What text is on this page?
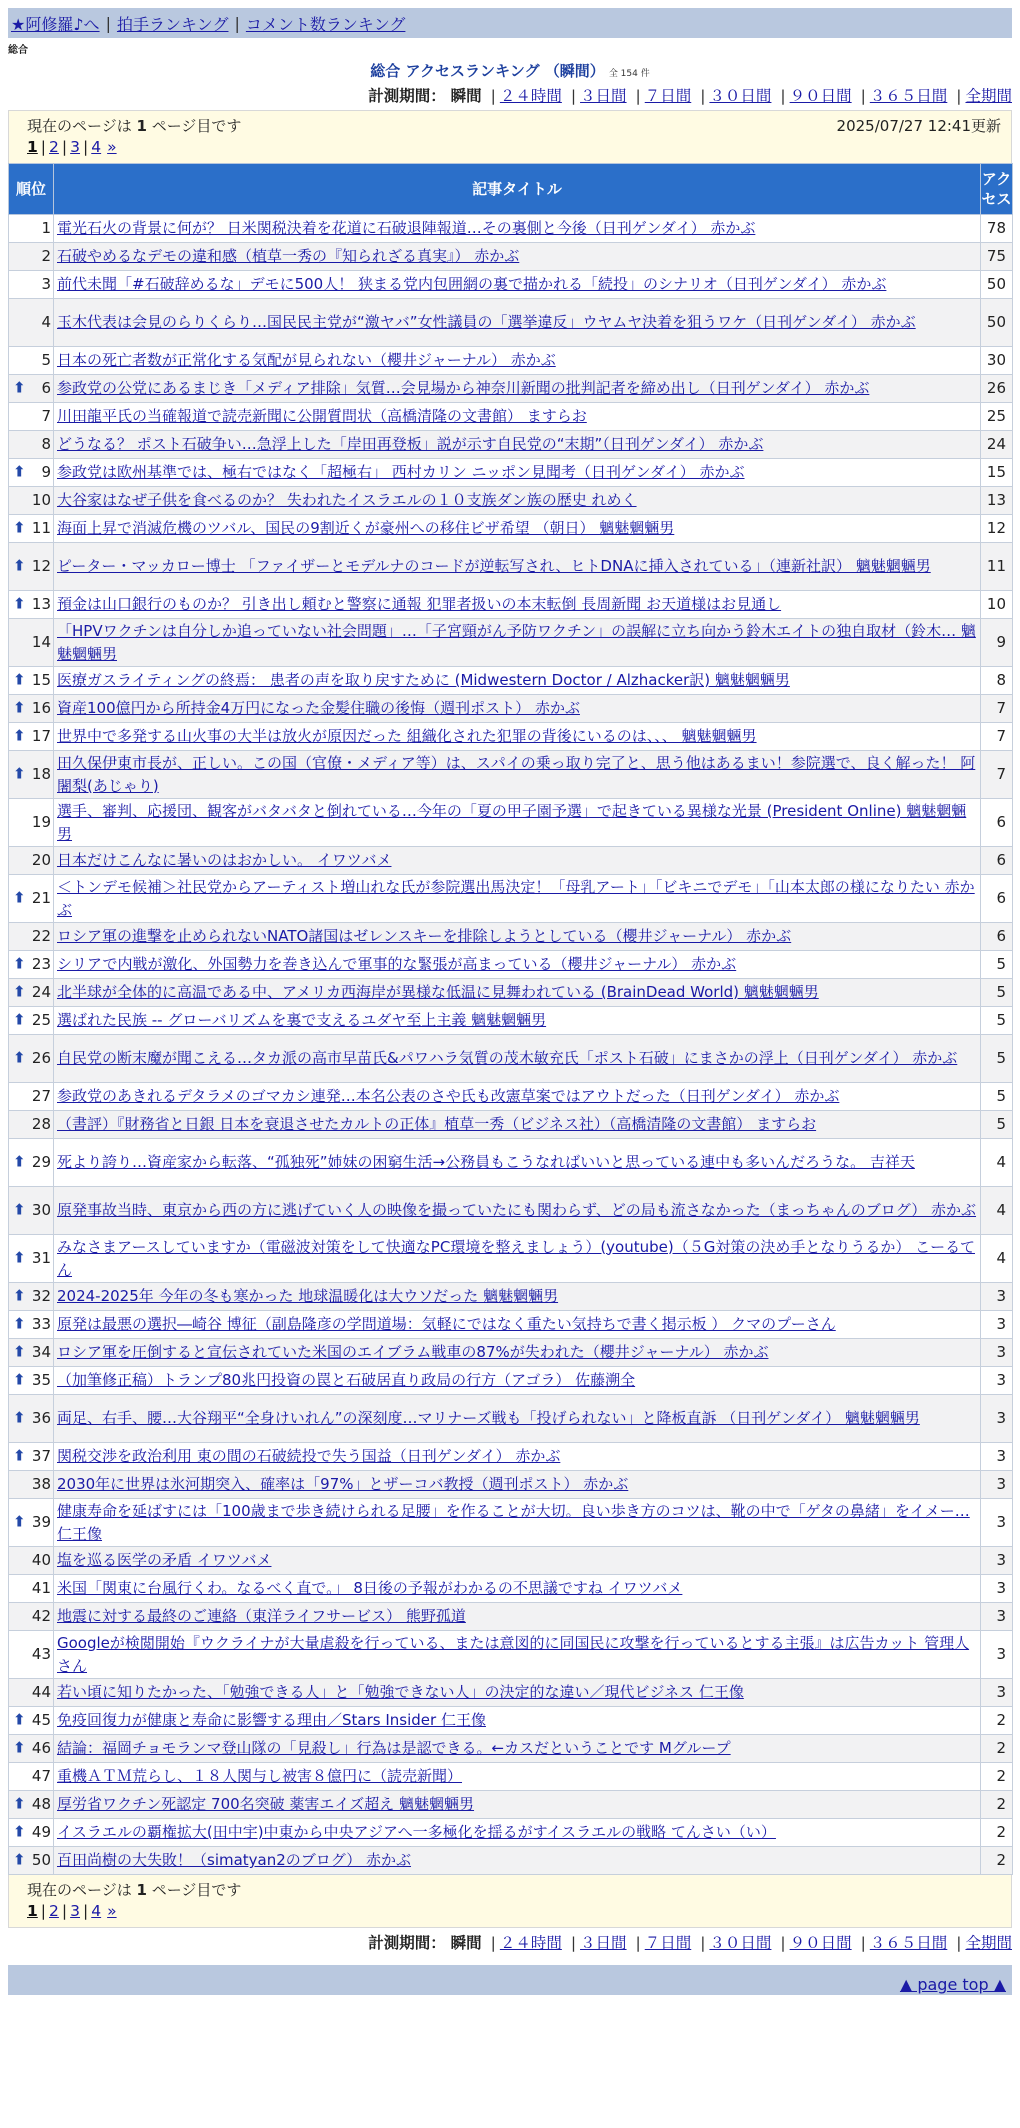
★阿修羅♪へ | 拍手ランキング | コメント数ランキング
総合
総合 アクセスランキング （瞬間） 全 154 件
計測期間： 瞬間 | ２４時間 | ３日間 | ７日間 | ３０日間 | ９０日間 | ３６５日間 | 全期間
現在のページは 1 ページ目です	2025/07/27 12:41更新
1 | 2 | 3 | 4 »
順位	記事タイトル	アクセス
1	電光石火の背景に何が？ 日米関税決着を花道に石破退陣報道…その裏側と今後（日刊ゲンダイ） 赤かぶ	78
2	石破やめるなデモの違和感（植草一秀の『知られざる真実』） 赤かぶ	75
3	前代未聞「#石破辞めるな」デモに500人！ 狭まる党内包囲網の裏で描かれる「続投」のシナリオ（日刊ゲンダイ） 赤かぶ	50
4	玉木代表は会見のらりくらり…国民民主党が“激ヤバ”女性議員の「選挙違反」ウヤムヤ決着を狙うワケ（日刊ゲンダイ） 赤かぶ	50
5	日本の死亡者数が正常化する気配が見られない（櫻井ジャーナル） 赤かぶ	30

⬆ 6	参政党の公党にあるまじき「メディア排除」気質…会見場から神奈川新聞の批判記者を締め出し（日刊ゲンダイ） 赤かぶ	26
7	川田龍平氏の当確報道で読売新聞に公開質問状（高橋清隆の文書館） ますらお	25
8	どうなる？ ポスト石破争い…急浮上した「岸田再登板」説が示す自民党の“末期”（日刊ゲンダイ） 赤かぶ	24

⬆ 9	参政党は欧州基準では、極右ではなく「超極右」 西村カリン ニッポン見聞考（日刊ゲンダイ） 赤かぶ	15
10	大谷家はなぜ子供を食べるのか？ 失われたイスラエルの１０支族ダン族の歴史 れめく	13

⬆ 11	海面上昇で消滅危機のツバル、国民の9割近くが豪州への移住ビザ希望 （朝日） 魑魅魍魎男	12

⬆ 12	ピーター・マッカロー博士 「ファイザーとモデルナのコードが逆転写され、ヒトDNAに挿入されている」（連新社訳） 魑魅魍魎男	11

⬆ 13	預金は山口銀行のものか？ 引き出し頼むと警察に通報 犯罪者扱いの本末転倒 長周新聞 お天道様はお見通し	10
14	「HPVワクチンは自分しか追っていない社会問題」…「子宮頸がん予防ワクチン」の誤解に立ち向かう鈴木エイトの独自取材（鈴木… 魑魅魍魎男	9

⬆ 15	医療ガスライティングの終焉： 患者の声を取り戻すために (Midwestern Doctor / Alzhacker訳) 魑魅魍魎男	8

⬆ 16	資産100億円から所持金4万円になった金髪住職の後悔（週刊ポスト） 赤かぶ	7

⬆ 17	世界中で多発する山火事の大半は放火が原因だった 組織化された犯罪の背後にいるのは、、、 魑魅魍魎男	7

⬆ 18	田久保伊東市長が、正しい。この国（官僚・メディア等）は、スパイの乗っ取り完了と、思う他はあるまい！参院選で、良く解った！ 阿闍梨(あじゃり)	7
19	選手、審判、応援団、観客がバタバタと倒れている…今年の「夏の甲子園予選」で起きている異様な光景 (President Online) 魑魅魍魎男	6
20	日本だけこんなに暑いのはおかしい。 イワツバメ	6

⬆ 21	＜トンデモ候補＞社民党からアーティスト増山れな氏が参院選出馬決定！「母乳アート」「ビキニでデモ」「山本太郎の様になりたい 赤かぶ	6
22	ロシア軍の進撃を止められないNATO諸国はゼレンスキーを排除しようとしている（櫻井ジャーナル） 赤かぶ	6

⬆ 23	シリアで内戦が激化、外国勢力を巻き込んで軍事的な緊張が高まっている（櫻井ジャーナル） 赤かぶ	5

⬆ 24	北半球が全体的に高温である中、アメリカ西海岸が異様な低温に見舞われている (BrainDead World) 魑魅魍魎男	5

⬆ 25	選ばれた民族 -- グローバリズムを裏で支えるユダヤ至上主義 魑魅魍魎男	5

⬆ 26	自民党の断末魔が聞こえる…タカ派の高市早苗氏&パワハラ気質の茂木敏充氏「ポスト石破」にまさかの浮上（日刊ゲンダイ） 赤かぶ	5
27	参政党のあきれるデタラメのゴマカシ連発…本名公表のさや氏も改憲草案ではアウトだった（日刊ゲンダイ） 赤かぶ	5
28	（書評）『財務省と日銀 日本を衰退させたカルトの正体』植草一秀（ビジネス社）（高橋清隆の文書館） ますらお	5

⬆ 29	死より誇り…資産家から転落、“孤独死”姉妹の困窮生活→公務員もこうなればいいと思っている連中も多いんだろうな。 吉祥天	4

⬆ 30	原発事故当時、東京から西の方に逃げていく人の映像を撮っていたにも関わらず、どの局も流さなかった（まっちゃんのブログ） 赤かぶ	4

⬆ 31	みなさまアースしていますか（電磁波対策をして快適なPC環境を整えましょう）(youtube)（５G対策の決め手となりうるか） こーるてん	4

⬆ 32	2024-2025年 今年の冬も寒かった 地球温暖化は大ウソだった 魑魅魍魎男	3

⬆ 33	原発は最悪の選択―崎谷 博征（副島隆彦の学問道場：気軽にではなく重たい気持ちで書く掲示板 ） クマのプーさん	3

⬆ 34	ロシア軍を圧倒すると宣伝されていた米国のエイブラム戦車の87%が失われた（櫻井ジャーナル） 赤かぶ	3

⬆ 35	（加筆修正稿）トランプ80兆円投資の罠と石破居直り政局の行方（アゴラ） 佐藤溯全	3

⬆ 36	両足、右手、腰…大谷翔平“全身けいれん”の深刻度…マリナーズ戦も「投げられない」と降板直訴 （日刊ゲンダイ） 魑魅魍魎男	3

⬆ 37	関税交渉を政治利用 東の間の石破続投で失う国益（日刊ゲンダイ） 赤かぶ	3
38	2030年に世界は氷河期突入、確率は「97%」とザーコバ教授（週刊ポスト） 赤かぶ	3

⬆ 39	健康寿命を延ばすには「100歳まで歩き続けられる足腰」を作ることが大切。良い歩き方のコツは、靴の中で「ゲタの鼻緒」をイメー… 仁王像	3
40	塩を巡る医学の矛盾 イワツバメ	3
41	米国「関東に台風行くわ。なるべく直で。」 8日後の予報がわかるの不思議ですね イワツバメ	3
42	地震に対する最終のご連絡（東洋ライフサービス） 熊野孤道	3
43	Googleが検閲開始『ウクライナが大量虐殺を行っている、または意図的に同国民に攻撃を行っているとする主張』は広告カット 管理人さん	3
44	若い頃に知りたかった、「勉強できる人」と「勉強できない人」の決定的な違い／現代ビジネス 仁王像	3

⬆ 45	免疫回復力が健康と寿命に影響する理由／Stars Insider 仁王像	2

⬆ 46	結論：福岡チョモランマ登山隊の「見殺し」行為は是認できる。←カスだということです Mグループ	2
47	重機ＡＴＭ荒らし、１８人関与し被害８億円に（読売新聞）	2

⬆ 48	厚労省ワクチン死認定 700名突破 薬害エイズ超え 魑魅魍魎男	2

⬆ 49	イスラエルの覇権拡大(田中宇)中東から中央アジアへ一多極化を揺るがすイスラエルの戦略 てんさい（い）	2

⬆ 50	百田尚樹の大失敗！（simatyan2のブログ） 赤かぶ	2
現在のページは 1 ページ目です
1 | 2 | 3 | 4 »
計測期間： 瞬間 | ２４時間 | ３日間 | ７日間 | ３０日間 | ９０日間 | ３６５日間 | 全期間
▲ page top ▲
